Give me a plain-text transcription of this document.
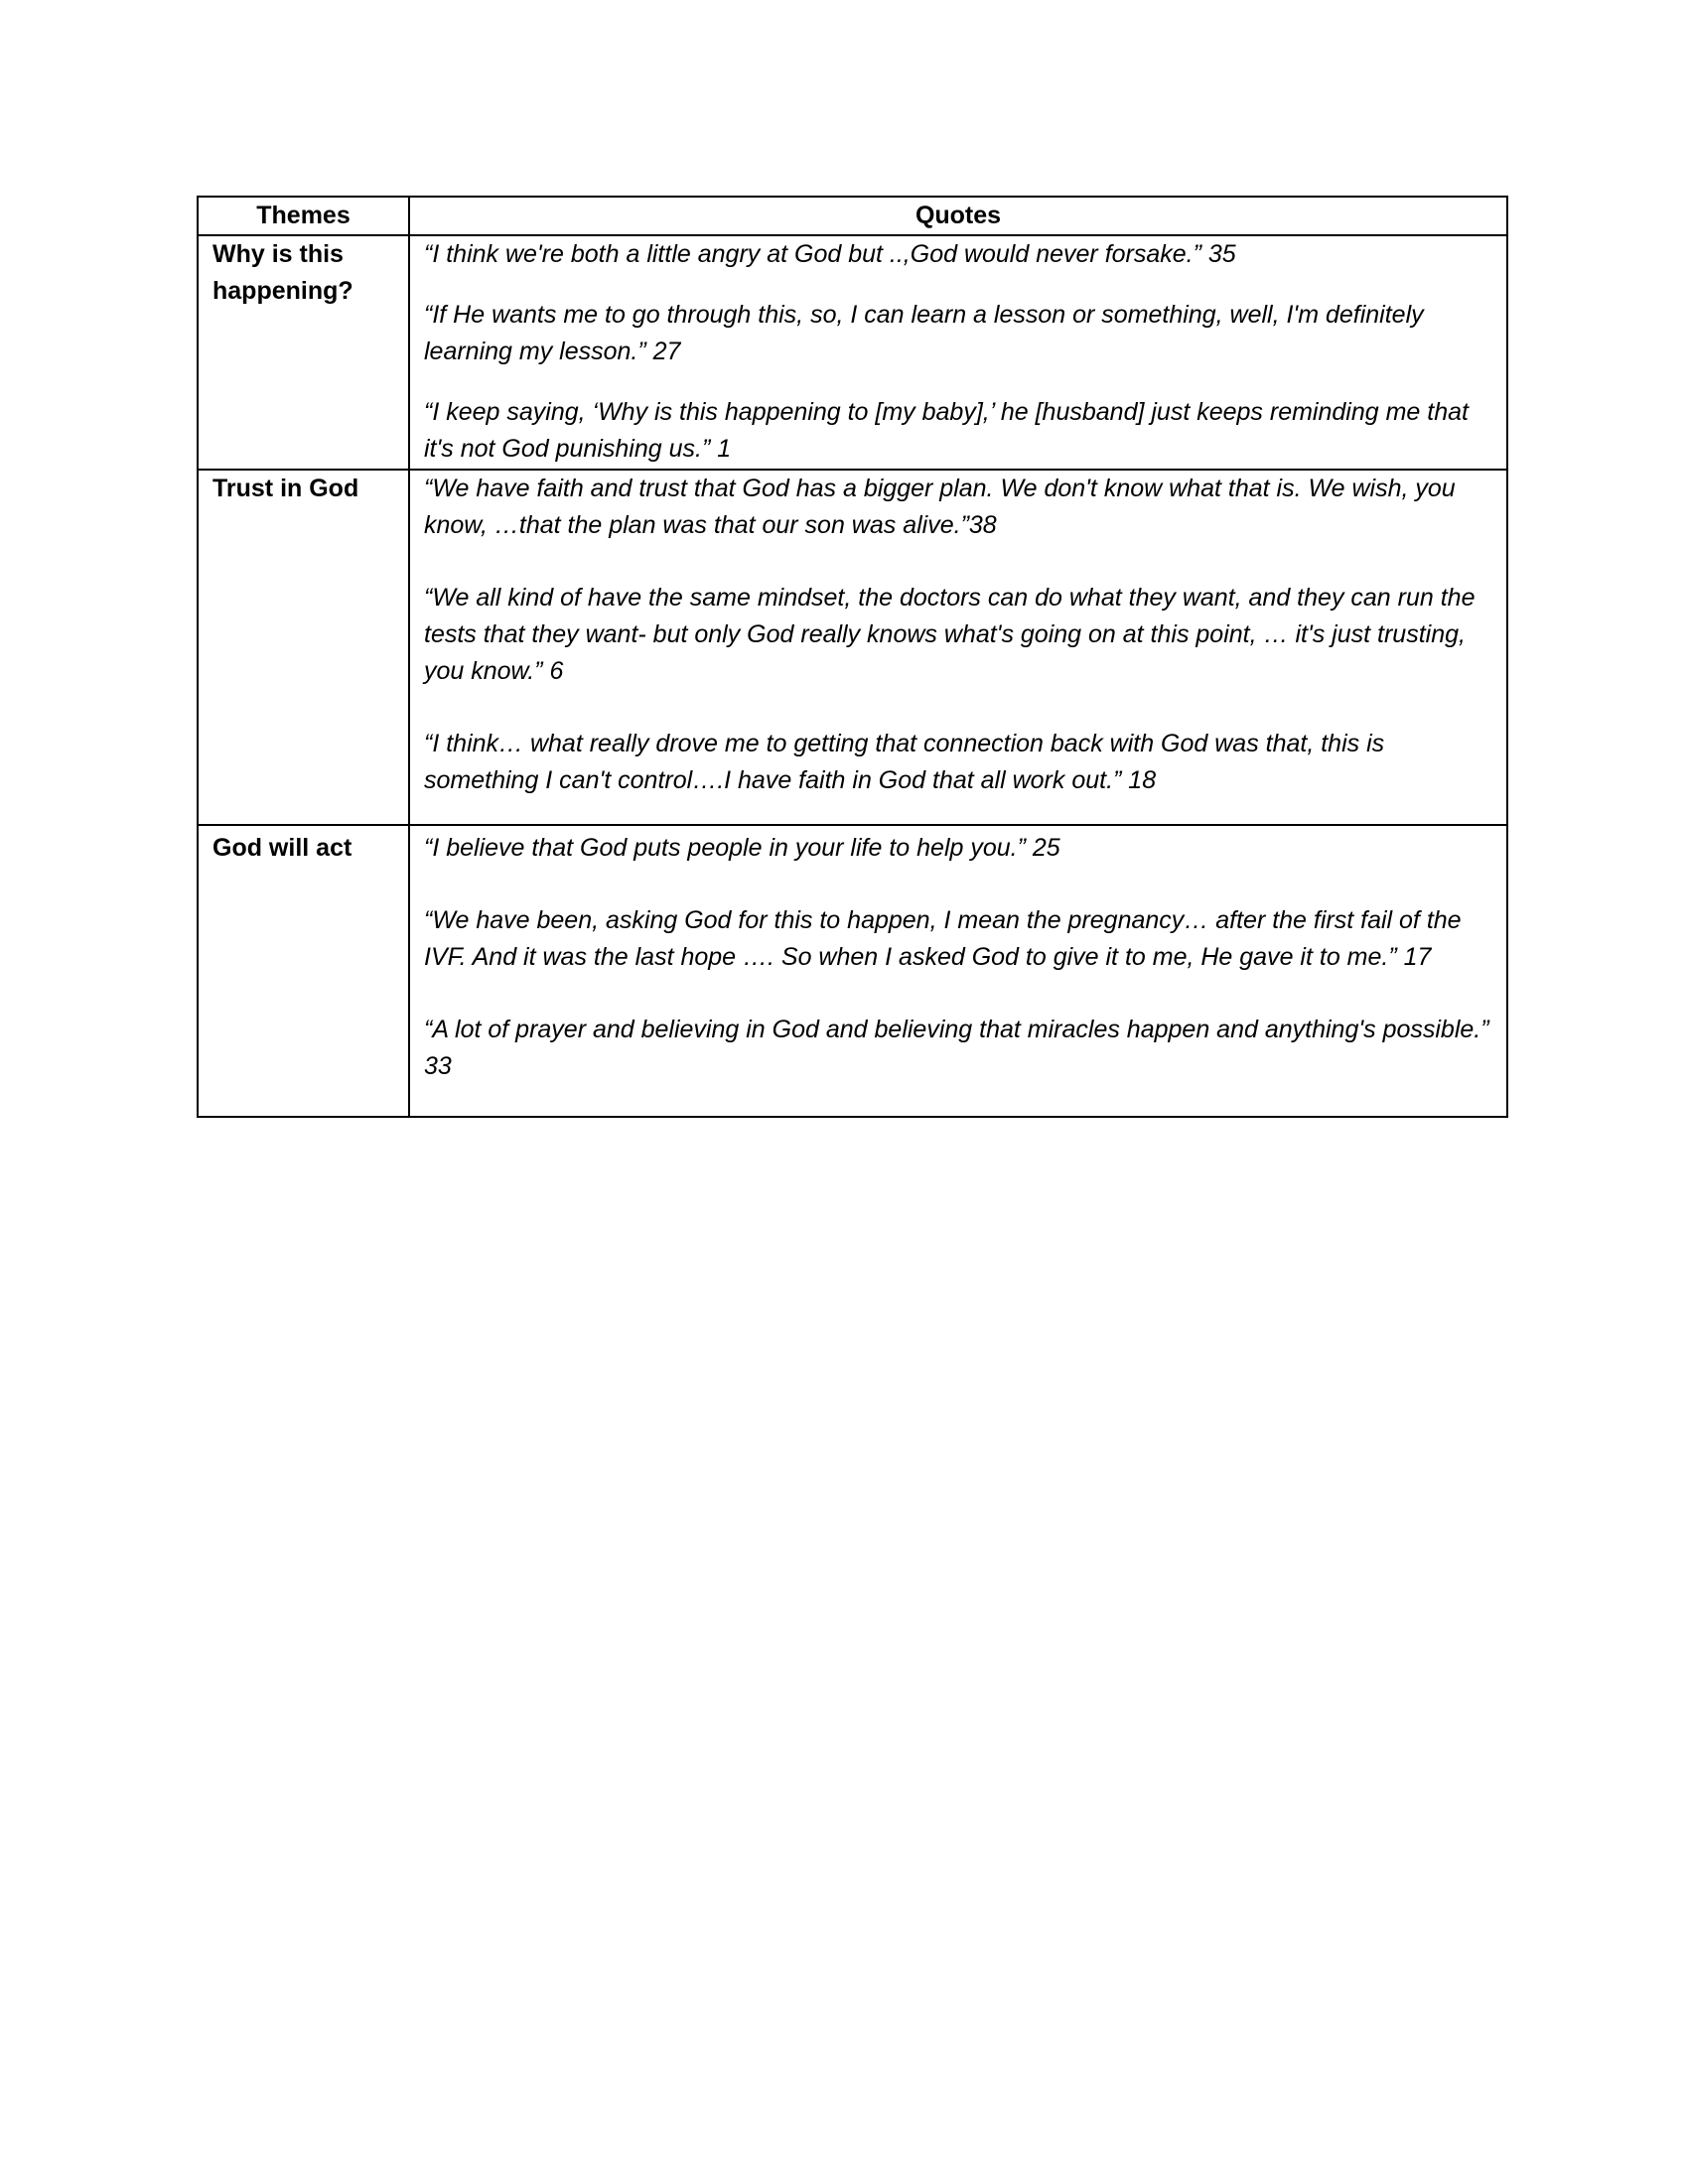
Themes	Quotes
Why is this happening?	“I think we're both a little angry at God but ..,God would never forsake.” 35

“If He wants me to go through this, so, I can learn a lesson or something, well, I'm definitely learning my lesson.” 27

“I keep saying, ‘Why is this happening to [my baby],’ he [husband] just keeps reminding me that it's not God punishing us.” 1

Trust in God	“We have faith and trust that God has a bigger plan. We don't know what that is. We wish, you know, …that the plan was that our son was alive.”38

“We all kind of have the same mindset, the doctors can do what they want, and they can run the tests that they want- but only God really knows what's going on at this point, … it's just trusting, you know.” 6

“I think… what really drove me to getting that connection back with God was that, this is something I can't control….I have faith in God that all work out.” 18

God will act	“I believe that God puts people in your life to help you.” 25

“We have been, asking God for this to happen, I mean the pregnancy… after the first fail of the IVF. And it was the last hope …. So when I asked God to give it to me, He gave it to me.” 17

“A lot of prayer and believing in God and believing that miracles happen and anything's possible.” 33
